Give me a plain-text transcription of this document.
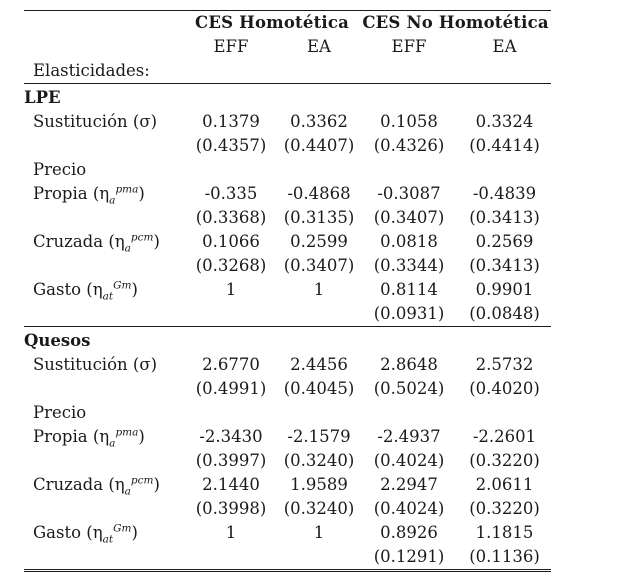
	CES Homotética		CES No Homotética	
	EFF	EA	EFF	EA
Elasticidades:				
LPE				
Sustitución (σ)	0.1379	0.3362	0.1058	0.3324
	(0.4357)	(0.4407)	(0.4326)	(0.4414)
Precio				
Propia $(\eta_a^{pma})$	-0.335	-0.4868	-0.3087	-0.4839
	(0.3368)	(0.3135)	(0.3407)	(0.3413)
Cruzada $(\eta_a^{pcm})$	0.1066	0.2599	0.0818	0.2569
	(0.3268)	(0.3407)	(0.3344)	(0.3413)
Gasto $(\eta_{at}^{Gm})$	1	1	0.8114	0.9901
			(0.0931)	(0.0848)
Quesos				
Sustitución (σ)	2.6770	2.4456	2.8648	2.5732
	(0.4991)	(0.4045)	(0.5024)	(0.4020)
Precio				
Propia $(\eta_a^{pma})$	-2.3430	-2.1579	-2.4937	-2.2601
	(0.3997)	(0.3240)	(0.4024)	(0.3220)
Cruzada $(\eta_a^{pcm})$	2.1440	1.9589	2.2947	2.0611
	(0.3998)	(0.3240)	(0.4024)	(0.3220)
Gasto $(\eta_{at}^{Gm})$	1	1	0.8926	1.1815
			(0.1291)	(0.1136)
